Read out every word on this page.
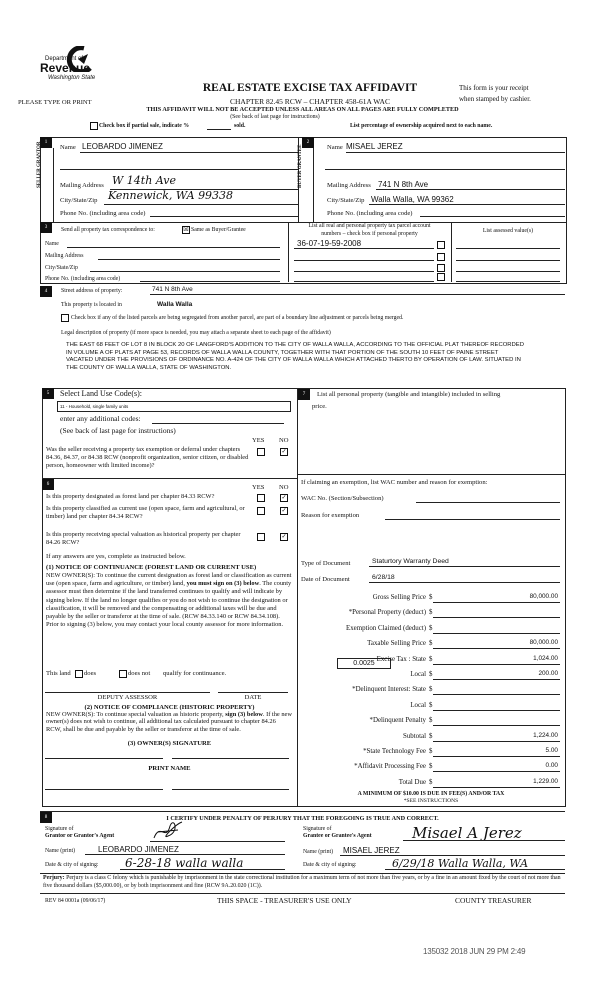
Department of
Revenue
Washington State
REAL ESTATE EXCISE TAX AFFIDAVIT
CHAPTER 82.45 RCW – CHAPTER 458-61A WAC
PLEASE TYPE OR PRINT
This form is your receipt
when stamped by cashier.
THIS AFFIDAVIT WILL NOT BE ACCEPTED UNLESS ALL AREAS ON ALL PAGES ARE FULLY COMPLETED
(See back of last page for instructions)
Check box if partial sale, indicate %	sold.	List percentage of ownership acquired next to each name.
1
SELLER GRANTOR	Name LEOBARDO JIMENEZ
Mailing Address W 14th Ave
City/State/Zip Kennewick, WA 99338
Phone No. (including area code)
2
BUYER GRANTEE	Name MISAEL JEREZ
Mailing Address 741 N 8th Ave
City/State/Zip Walla Walla, WA 99362
Phone No. (including area code)
3	Send all property tax correspondence to:	☒ Same as Buyer/Grantee
Name
Mailing Address
City/State/Zip
Phone No. (including area code)
List all real and personal property tax parcel account
numbers – check box if personal property	List assessed value(s)
36-07-19-59-2008
4	Street address of property:	741 N 8th Ave
This property is located in	Walla Walla
Check box if any of the listed parcels are being segregated from another parcel, are part of a boundary line adjustment or parcels being merged.
Legal description of property (if more space is needed, you may attach a separate sheet to each page of the affidavit)
THE EAST 68 FEET OF LOT 8 IN BLOCK 20 OF LANGFORD'S ADDITION TO THE CITY OF WALLA WALLA, ACCORDING TO THE OFFICIAL PLAT THEREOF RECORDED IN VOLUME A OF PLATS AT PAGE 53, RECORDS OF WALLA WALLA COUNTY, TOGETHER WITH THAT PORTION OF THE SOUTH 10 FEET OF PAINE STREET VACATED UNDER THE PROVISIONS OF ORDINANCE NO. A-424 OF THE CITY OF WALLA WALLA WHICH ATTACHED THERTO BY OPERATION OF LAW. SITUATED IN THE COUNTY OF WALLA WALLA, STATE OF WASHINGTON.
5	Select Land Use Code(s):
11 - Household, single family units
enter any additional codes:
(See back of last page for instructions)
YES NO
Was the seller receiving a property tax exemption or deferral under chapters 84.36, 84.37, or 84.38 RCW (nonprofit organization, senior citizen, or disabled person, homeowner with limited income)?
✓
6	YES NO
Is this property designated as forest land per chapter 84.33 RCW?	✓
Is this property classified as current use (open space, farm and agricultural, or timber) land per chapter 84.34 RCW?
✓
Is this property receiving special valuation as historical property per chapter 84.26 RCW?
✓
If any answers are yes, complete as instructed below.
(1) NOTICE OF CONTINUANCE (FOREST LAND OR CURRENT USE)
NEW OWNER(S): To continue the current designation as forest land or classification as current use (open space, farm and agriculture, or timber) land, you must sign on (3) below. The county assessor must then determine if the land transferred continues to qualify and will indicate by signing below. If the land no longer qualifies or you do not wish to continue the designation or classification, it will be removed and the compensating or additional taxes will be due and payable by the seller or transferor at the time of sale. (RCW 84.33.140 or RCW 84.34.108). Prior to signing (3) below, you may contact your local county assessor for more information.
This land does	does not qualify for continuance.
DEPUTY ASSESSOR	DATE
(2) NOTICE OF COMPLIANCE (HISTORIC PROPERTY)
NEW OWNER(S): To continue special valuation as historic property, sign (3) below. If the new owner(s) does not wish to continue, all additional tax calculated pursuant to chapter 84.26 RCW, shall be due and payable by the seller or transferor at the time of sale.
(3) OWNER(S) SIGNATURE
PRINT NAME
7	List all personal property (tangible and intangible) included in selling
price.
If claiming an exemption, list WAC number and reason for exemption:
WAC No. (Section/Subsection)
Reason for exemption
Type of Document	Staturtory Warranty Deed
Date of Document	6/28/18
0.0025
Gross Selling Price $	80,000.00
*Personal Property (deduct) $
Exemption Claimed (deduct) $
Taxable Selling Price $	80,000.00
Excise Tax : State $	1,024.00
Local $	200.00
*Delinquent Interest: State $
Local $
*Delinquent Penalty $
Subtotal $	1,224.00
*State Technology Fee $	5.00
*Affidavit Processing Fee $	0.00
Total Due $	1,229.00
A MINIMUM OF $10.00 IS DUE IN FEE(S) AND/OR TAX
*SEE INSTRUCTIONS
8	I CERTIFY UNDER PENALTY OF PERJURY THAT THE FOREGOING IS TRUE AND CORRECT.
Signature of
Grantor or Grantor's Agent
Name (print)	LEOBARDO JIMENEZ
Date & city of signing: 6-28-18 walla walla
Signature of
Grantee or Grantee's Agent	Misael A Jerez
Name (print) MISAEL JEREZ
Date & city of signing:	6/29/18 Walla Walla, WA
Perjury: Perjury is a class C felony which is punishable by imprisonment in the state correctional institution for a maximum term of not more than five years, or by a fine in an amount fixed by the court of not more than five thousand dollars ($5,000.00), or by both imprisonment and fine (RCW 9A.20.020 (1C)).
REV 84 0001a (09/06/17)	THIS SPACE - TREASURER'S USE ONLY	COUNTY TREASURER
135032 2018 JUN 29 PM 2:49
